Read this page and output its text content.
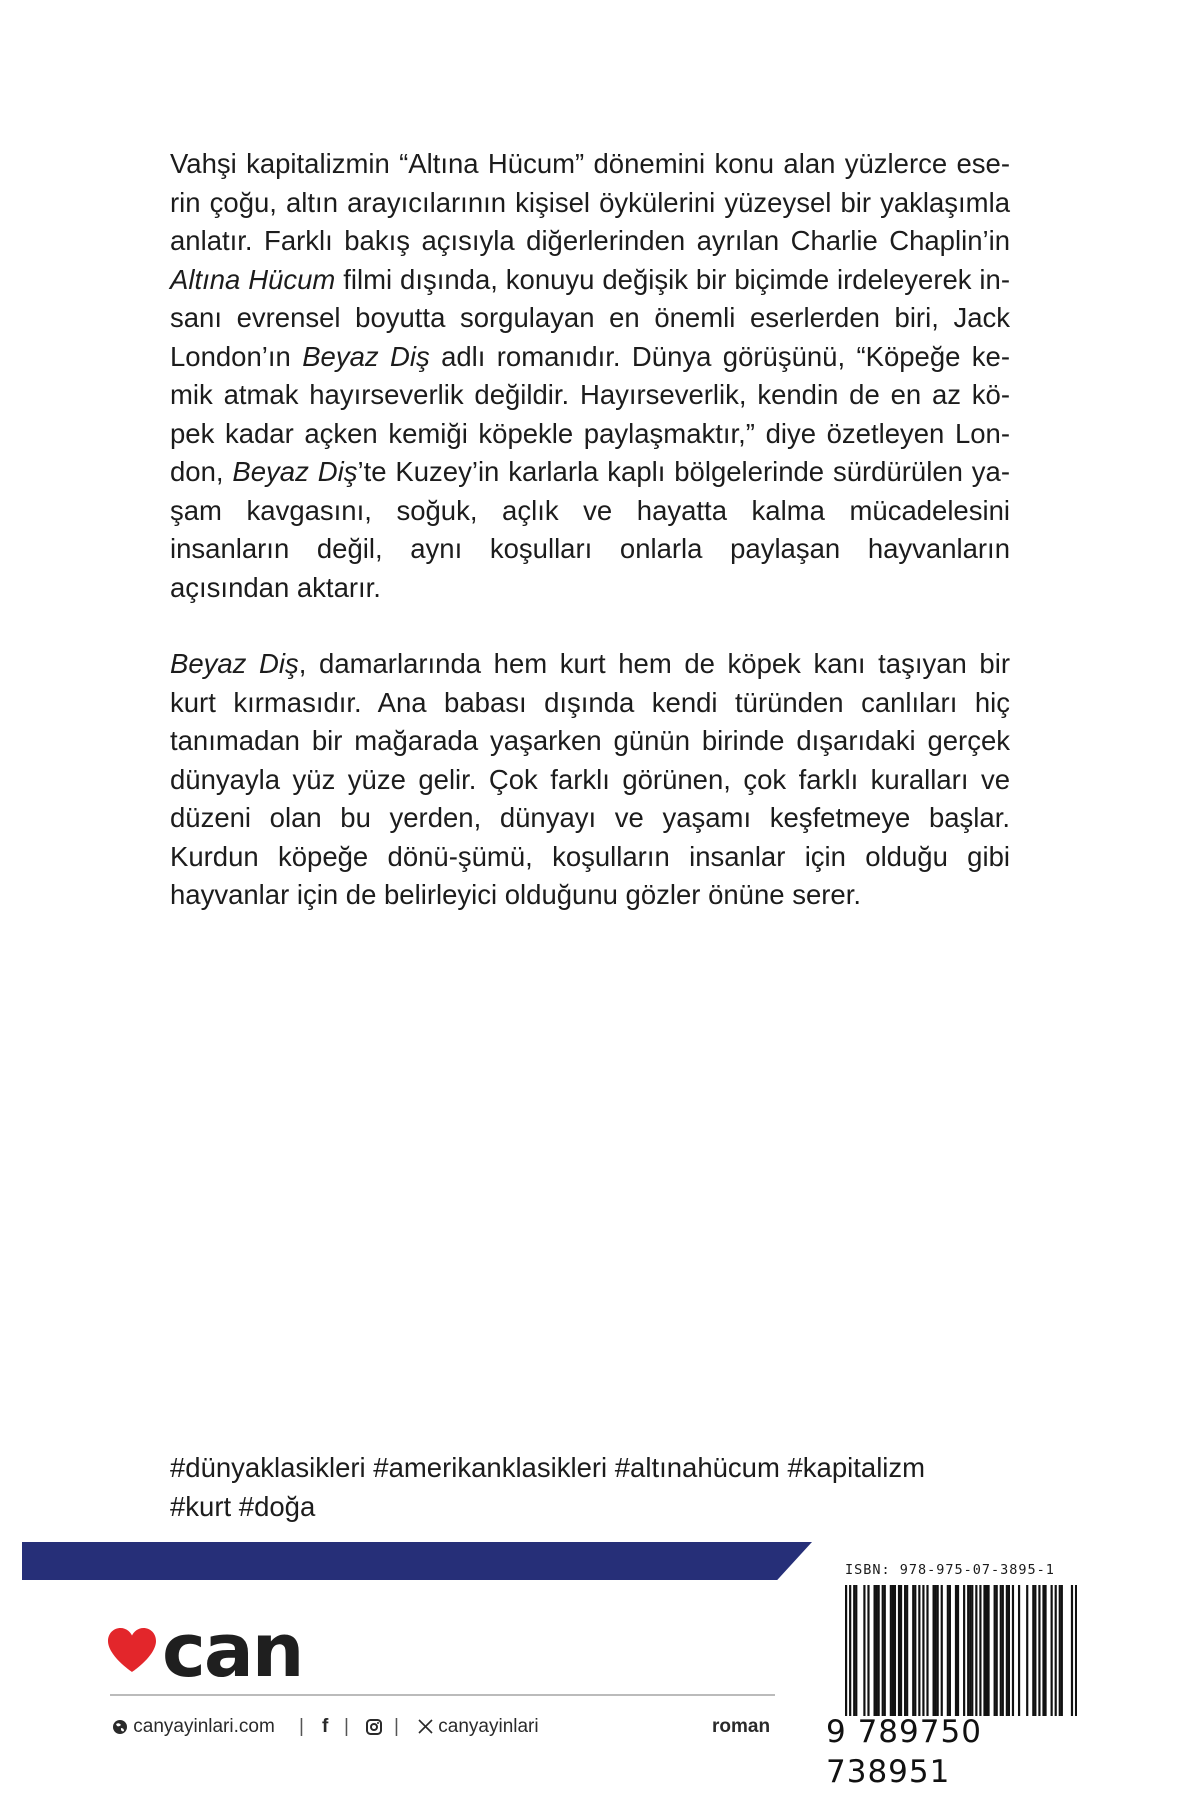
Vahşi kapitalizmin “Altına Hücum” dönemini konu alan yüzlerce ese-rin çoğu, altın arayıcılarının kişisel öykülerini yüzeysel bir yaklaşımla anlatır. Farklı bakış açısıyla diğerlerinden ayrılan Charlie Chaplin’in Altına Hücum filmi dışında, konuyu değişik bir biçimde irdeleyerek in-sanı evrensel boyutta sorgulayan en önemli eserlerden biri, Jack London’ın Beyaz Diş adlı romanıdır. Dünya görüşünü, “Köpeğe ke-mik atmak hayırseverlik değildir. Hayırseverlik, kendin de en az kö-pek kadar açken kemiği köpekle paylaşmaktır,” diye özetleyen Lon-don, Beyaz Diş’te Kuzey’in karlarla kaplı bölgelerinde sürdürülen ya-şam kavgasını, soğuk, açlık ve hayatta kalma mücadelesini insanların değil, aynı koşulları onlarla paylaşan hayvanların açısından aktarır.

Beyaz Diş, damarlarında hem kurt hem de köpek kanı taşıyan bir kurt kırmasıdır. Ana babası dışında kendi türünden canlıları hiç tanımadan bir mağarada yaşarken günün birinde dışarıdaki gerçek dünyayla yüz yüze gelir. Çok farklı görünen, çok farklı kuralları ve düzeni olan bu yerden, dünyayı ve yaşamı keşfetmeye başlar. Kurdun köpeğe dönü-şümü, koşulların insanlar için olduğu gibi hayvanlar için de belirleyici olduğunu gözler önüne serer.

#dünyaklasikleri #amerikanklasikleri #altınahücum #kapitalizm #kurt #doğa
can
canyayinlari.com | f | |	canyayinlari	roman
ISBN: 978-975-07-3895-1
9 789750 738951
